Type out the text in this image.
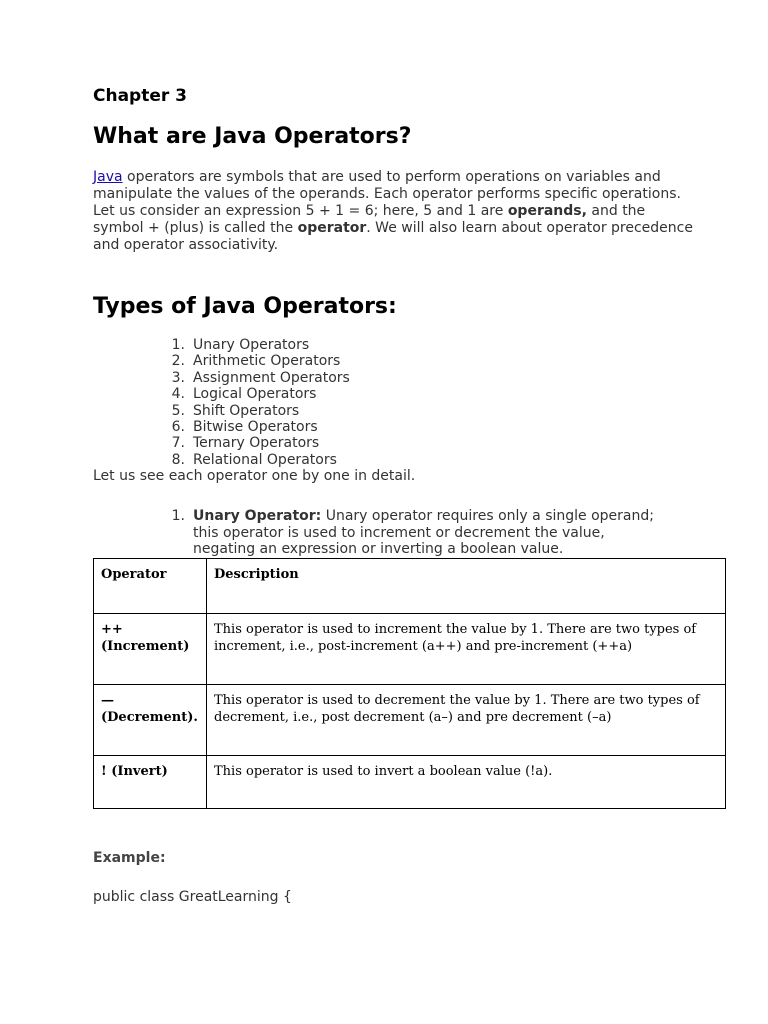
Chapter 3

What are Java Operators?

Java operators are symbols that are used to perform operations on variables and manipulate the values of the operands. Each operator performs specific operations. Let us consider an expression 5 + 1 = 6; here, 5 and 1 are operands, and the symbol + (plus) is called the operator. We will also learn about operator precedence and operator associativity.

Types of Java Operators:
1. Unary Operators
2. Arithmetic Operators
3. Assignment Operators
4. Logical Operators
5. Shift Operators
6. Bitwise Operators
7. Ternary Operators
8. Relational Operators

Let us see each operator one by one in detail.

1. Unary Operator: Unary operator requires only a single operand; this operator is used to increment or decrement the value, negating an expression or inverting a boolean value.
Operator	Description
++
(Increment)	This operator is used to increment the value by 1. There are two types of increment, i.e., post-increment (a++) and pre-increment (++a)
—
(Decrement).	This operator is used to decrement the value by 1. There are two types of decrement, i.e., post decrement (a–) and pre decrement (–a)
! (Invert)	This operator is used to invert a boolean value (!a).

Example:

public class GreatLearning {
